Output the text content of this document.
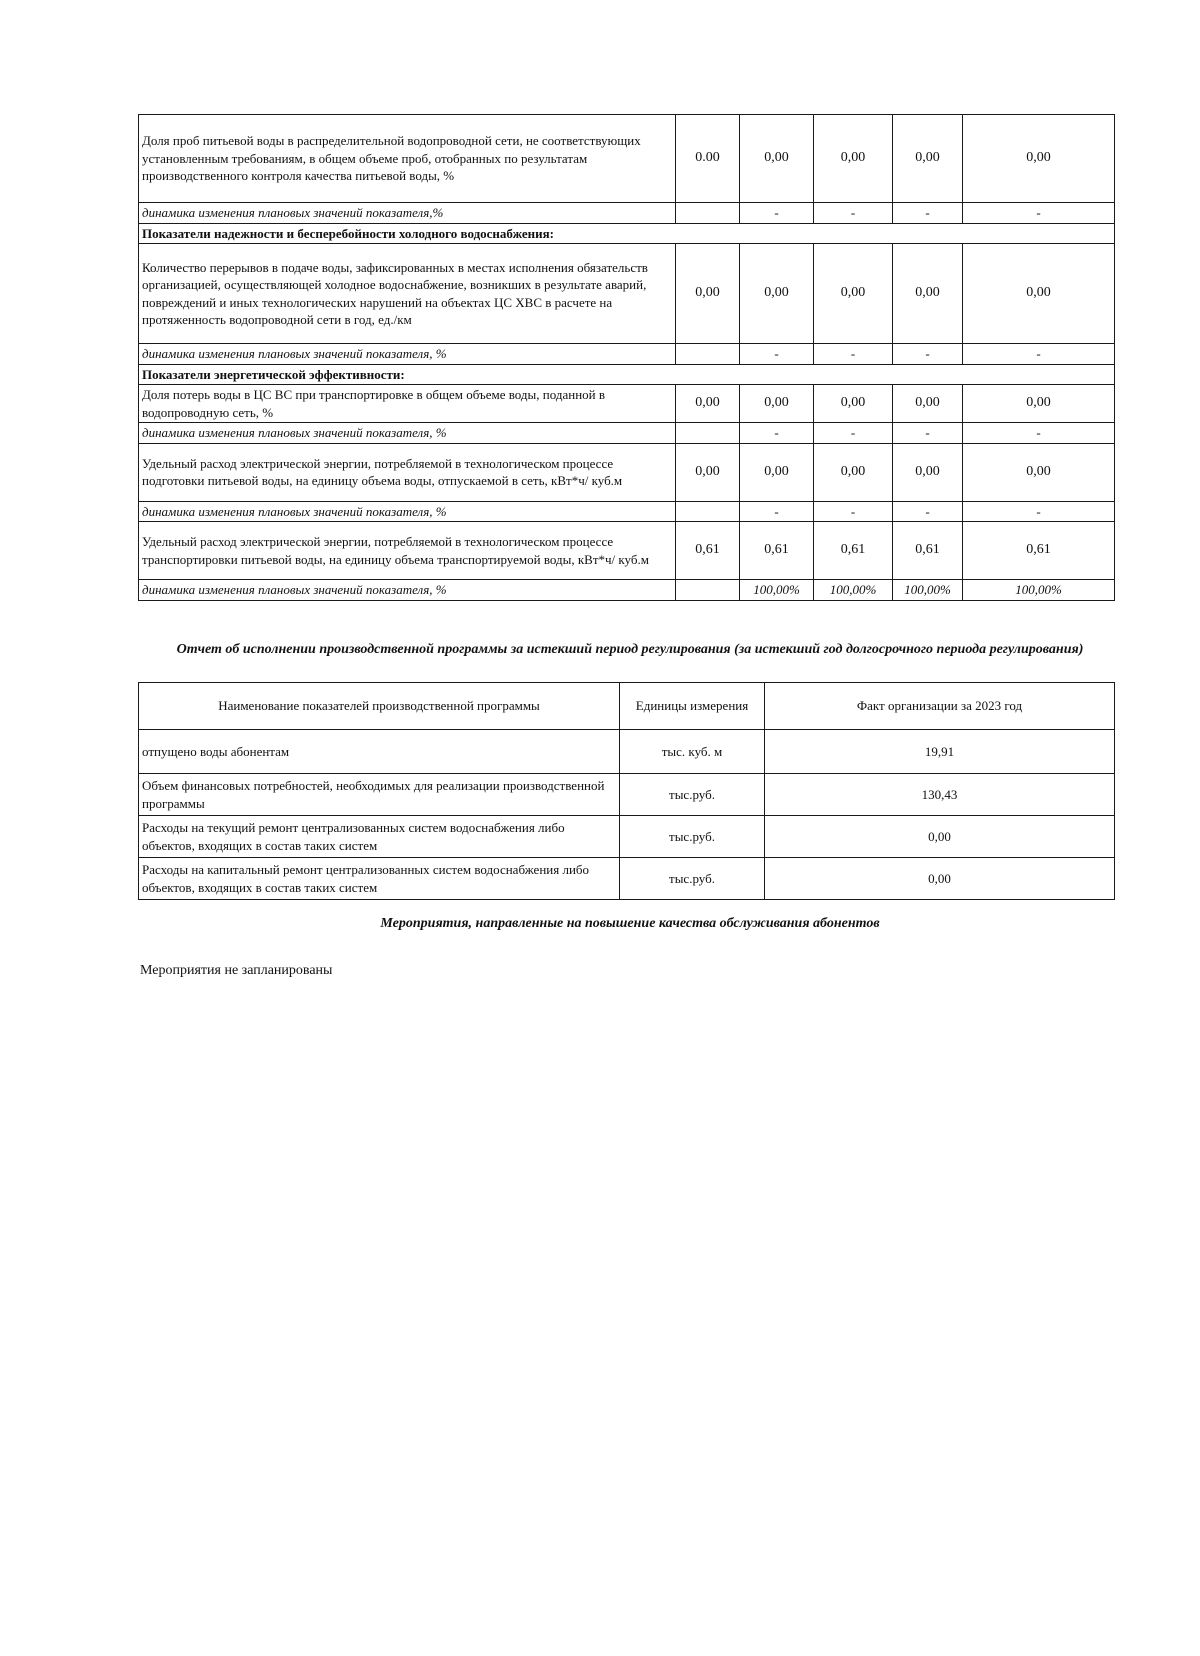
Доля проб питьевой воды в распределительной водопроводной сети, не соответствующих установленным требованиям, в общем объеме проб, отобранных по результатам производственного контроля качества питьевой воды, %	0.00	0,00	0,00	0,00	0,00
динамика изменения плановых значений показателя,%		-	-	-	-
Показатели надежности и бесперебойности холодного водоснабжения:					
Количество перерывов в подаче воды, зафиксированных в местах исполнения обязательств организацией, осуществляющей холодное водоснабжение, возникших в результате аварий, повреждений и иных технологических нарушений на объектах ЦС ХВС в расчете на протяженность водопроводной сети в год, ед./км	0,00	0,00	0,00	0,00	0,00
динамика изменения плановых значений показателя, %		-	-	-	-
Показатели энергетической эффективности:					
Доля потерь воды в ЦС ВС при транспортировке в общем объеме воды, поданной в водопроводную сеть, %	0,00	0,00	0,00	0,00	0,00
динамика изменения плановых значений показателя, %		-	-	-	-
Удельный расход электрической энергии, потребляемой в технологическом процессе подготовки питьевой воды, на единицу объема воды, отпускаемой в сеть, кВт*ч/ куб.м	0,00	0,00	0,00	0,00	0,00
динамика изменения плановых значений показателя, %		-	-	-	-
Удельный расход электрической энергии, потребляемой в технологическом процессе транспортировки питьевой воды, на единицу объема транспортируемой воды, кВт*ч/ куб.м	0,61	0,61	0,61	0,61	0,61
динамика изменения плановых значений показателя, %		100,00%	100,00%	100,00%	100,00%
Отчет об исполнении производственной программы за истекший период регулирования (за истекший год долгосрочного периода регулирования)
Наименование показателей производственной программы	Единицы измерения	Факт организации за 2023 год
отпущено воды абонентам	тыс. куб. м	19,91
Объем финансовых потребностей, необходимых для реализации производственной программы	тыс.руб.	130,43
Расходы на текущий ремонт централизованных систем водоснабжения либо объектов, входящих в состав таких систем	тыс.руб.	0,00
Расходы на капитальный ремонт централизованных систем водоснабжения либо объектов, входящих в состав таких систем	тыс.руб.	0,00
Мероприятия, направленные на повышение качества обслуживания абонентов
Мероприятия не запланированы
